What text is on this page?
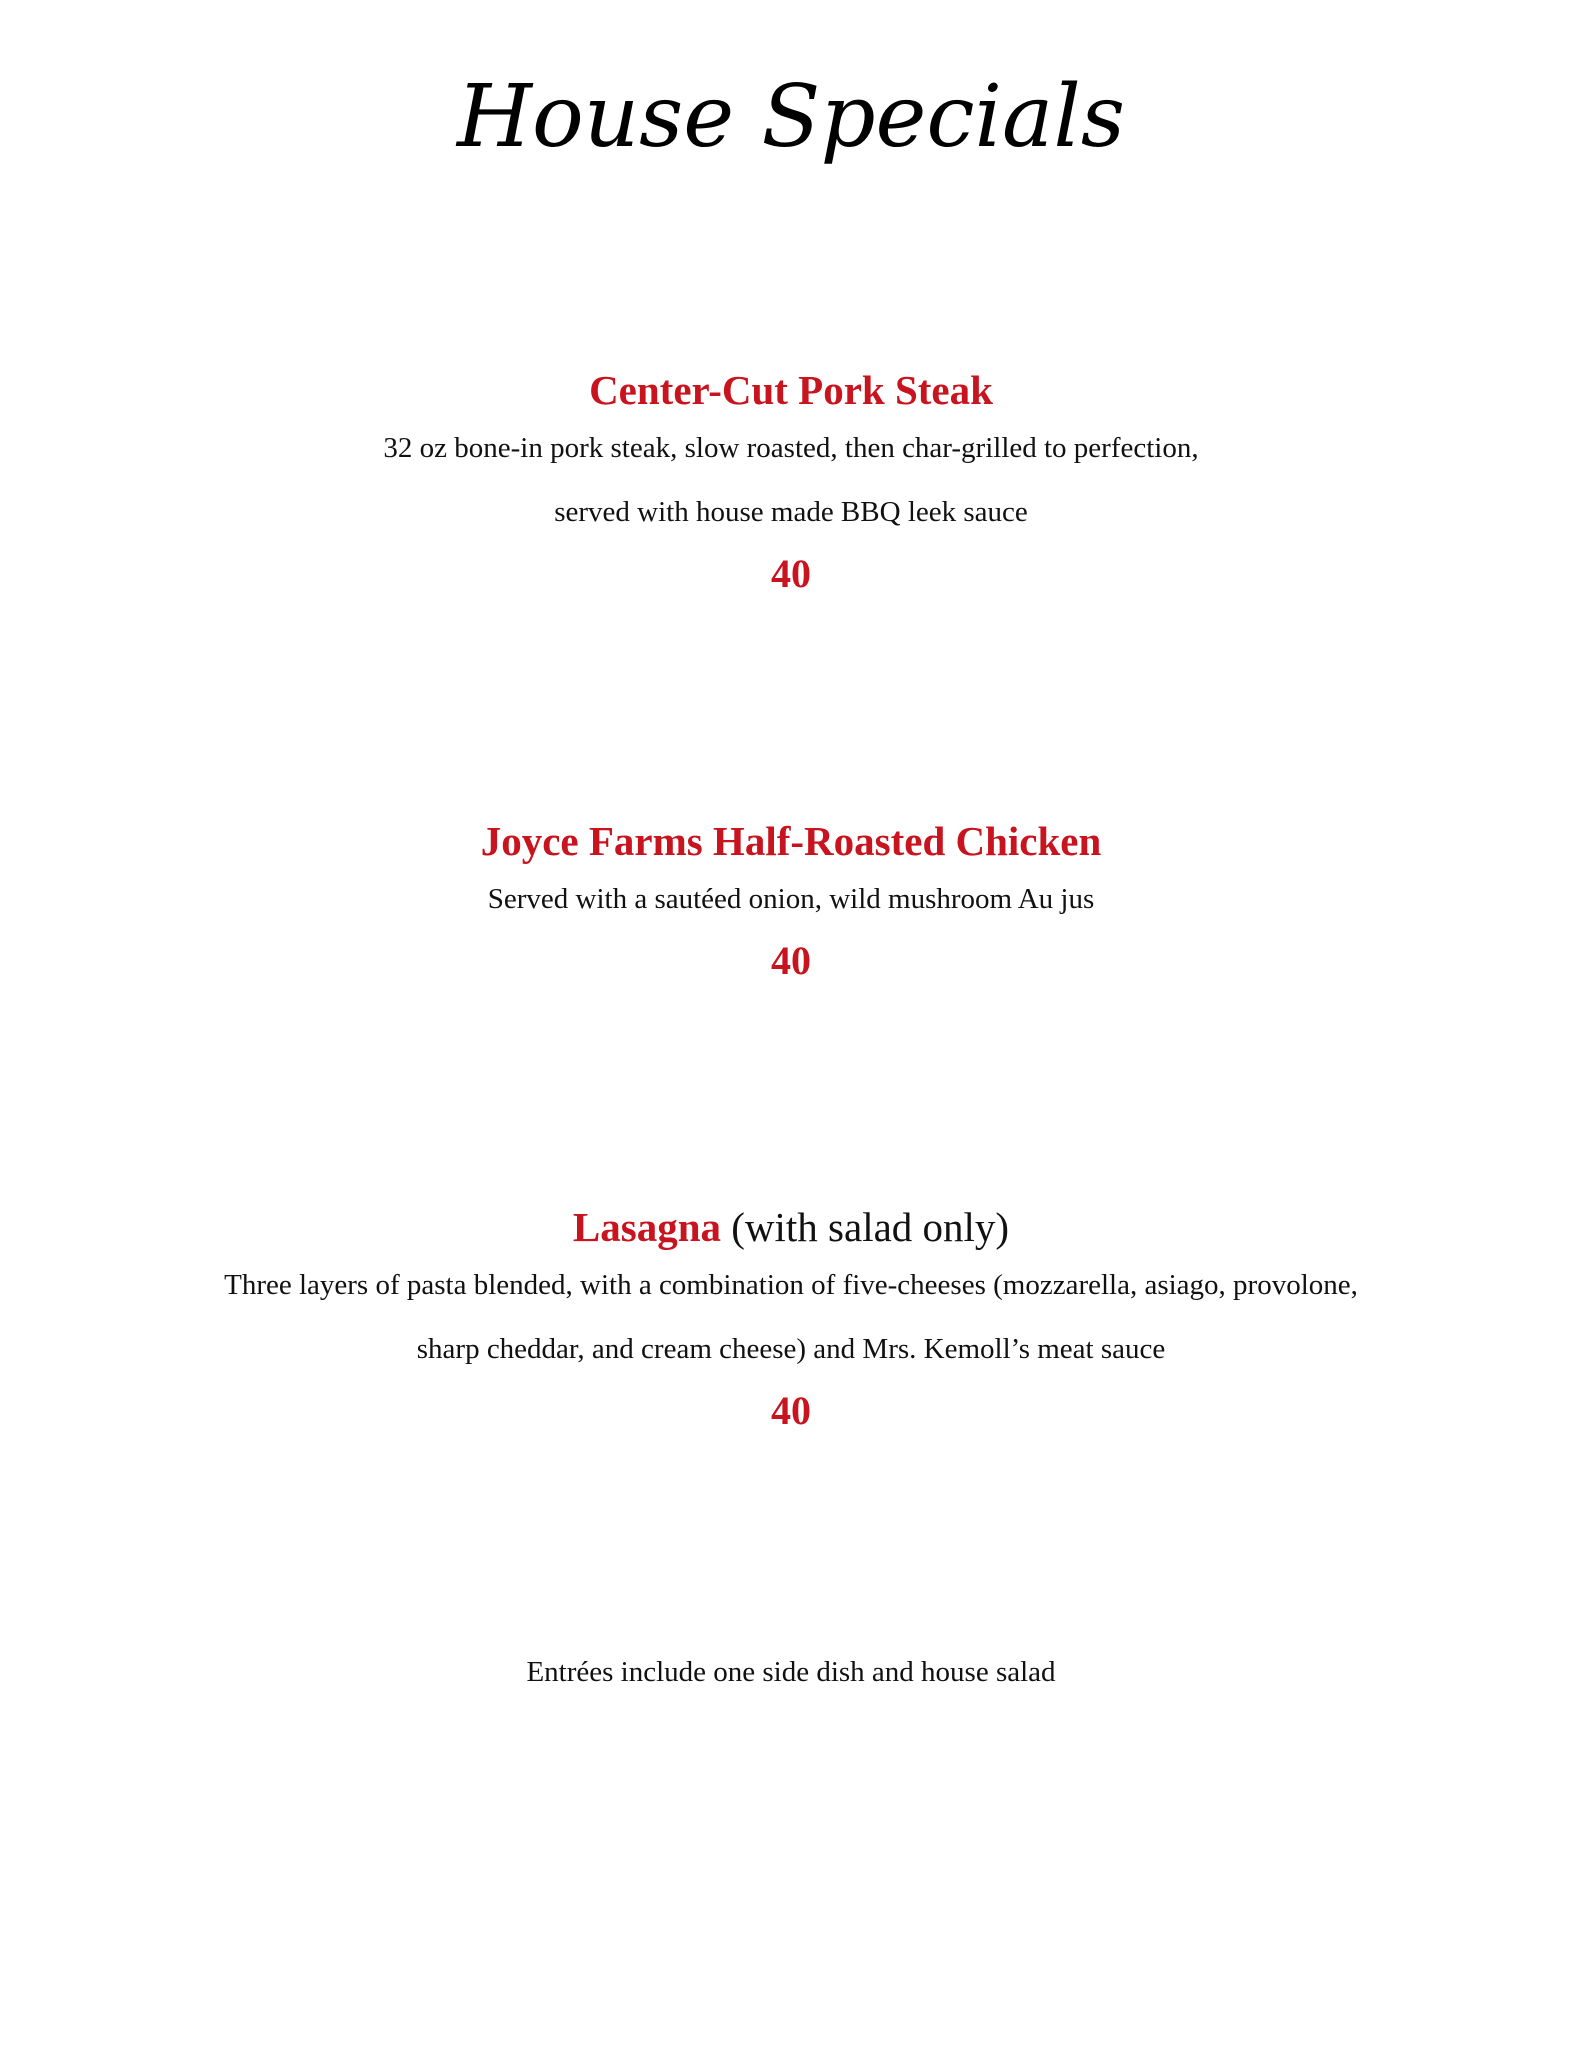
House Specials
Center-Cut Pork Steak
32 oz bone-in pork steak, slow roasted, then char-grilled to perfection,
served with house made BBQ leek sauce
40
Joyce Farms Half-Roasted Chicken
Served with a sautéed onion, wild mushroom Au jus
40
Lasagna (with salad only)
Three layers of pasta blended, with a combination of five-cheeses (mozzarella, asiago, provolone,
sharp cheddar, and cream cheese) and Mrs. Kemoll’s meat sauce
40
Entrées include one side dish and house salad
